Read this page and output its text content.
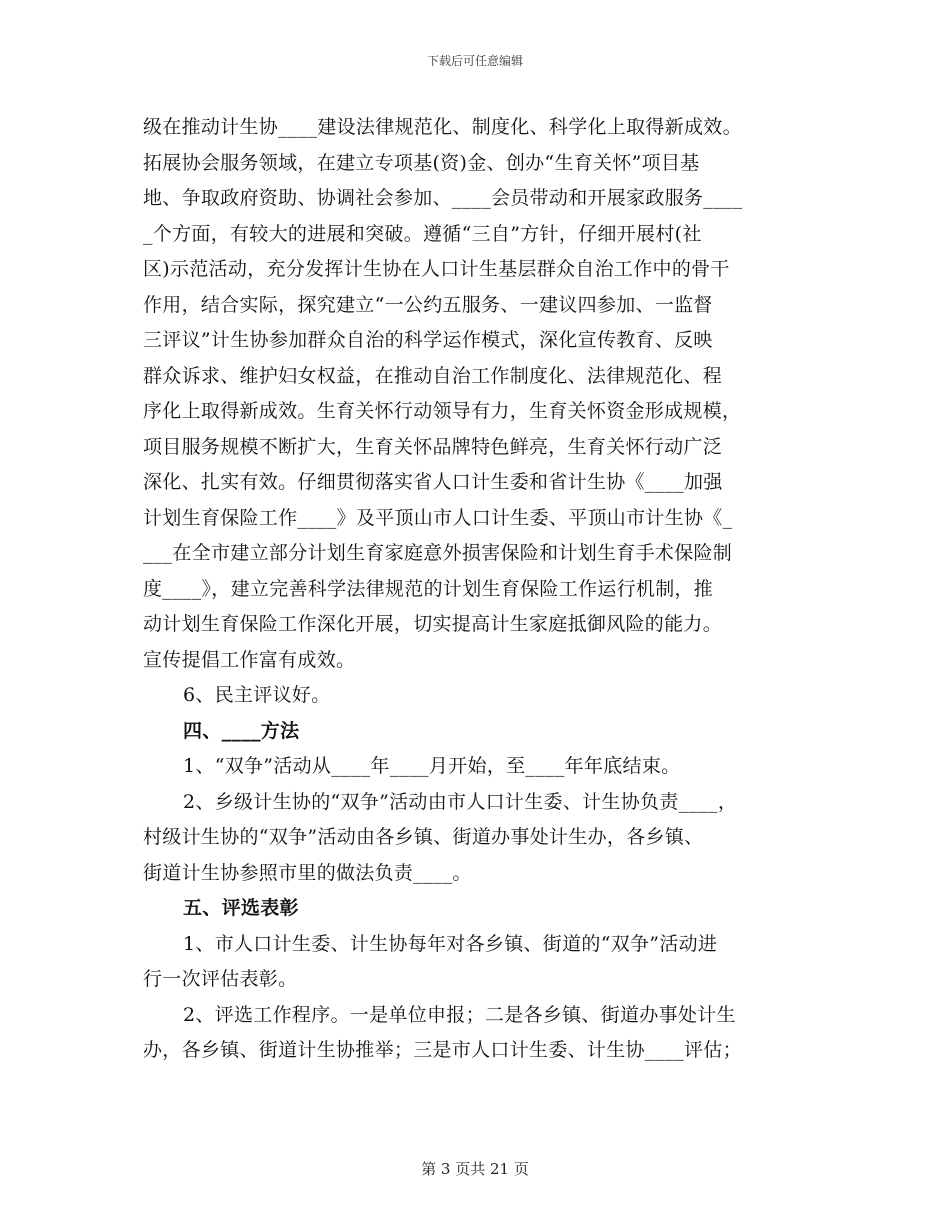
下载后可任意编辑
级在推动计生协____建设法律规范化、制度化、科学化上取得新成效。
拓展协会服务领域，在建立专项基(资)金、创办“生育关怀”项目基
地、争取政府资助、协调社会参加、____会员带动和开展家政服务____
_个方面，有较大的进展和突破。遵循“三自”方针，仔细开展村(社
区)示范活动，充分发挥计生协在人口计生基层群众自治工作中的骨干
作用，结合实际，探究建立“一公约五服务、一建议四参加、一监督
三评议”计生协参加群众自治的科学运作模式，深化宣传教育、反映
群众诉求、维护妇女权益，在推动自治工作制度化、法律规范化、程
序化上取得新成效。生育关怀行动领导有力，生育关怀资金形成规模，
项目服务规模不断扩大，生育关怀品牌特色鲜亮，生育关怀行动广泛
深化、扎实有效。仔细贯彻落实省人口计生委和省计生协《____加强
计划生育保险工作____》及平顶山市人口计生委、平顶山市计生协《_
___在全市建立部分计划生育家庭意外损害保险和计划生育手术保险制
度____》，建立完善科学法律规范的计划生育保险工作运行机制，推
动计划生育保险工作深化开展，切实提高计生家庭抵御风险的能力。
宣传提倡工作富有成效。
6、民主评议好。
四、____方法
1、“双争”活动从____年____月开始，至____年年底结束。
2、乡级计生协的“双争”活动由市人口计生委、计生协负责____，
村级计生协的“双争”活动由各乡镇、街道办事处计生办，各乡镇、
街道计生协参照市里的做法负责____。
五、评选表彰
1、市人口计生委、计生协每年对各乡镇、街道的“双争”活动进
行一次评估表彰。
2、评选工作程序。一是单位申报；二是各乡镇、街道办事处计生
办，各乡镇、街道计生协推举；三是市人口计生委、计生协____评估；
第 3 页共 21 页
